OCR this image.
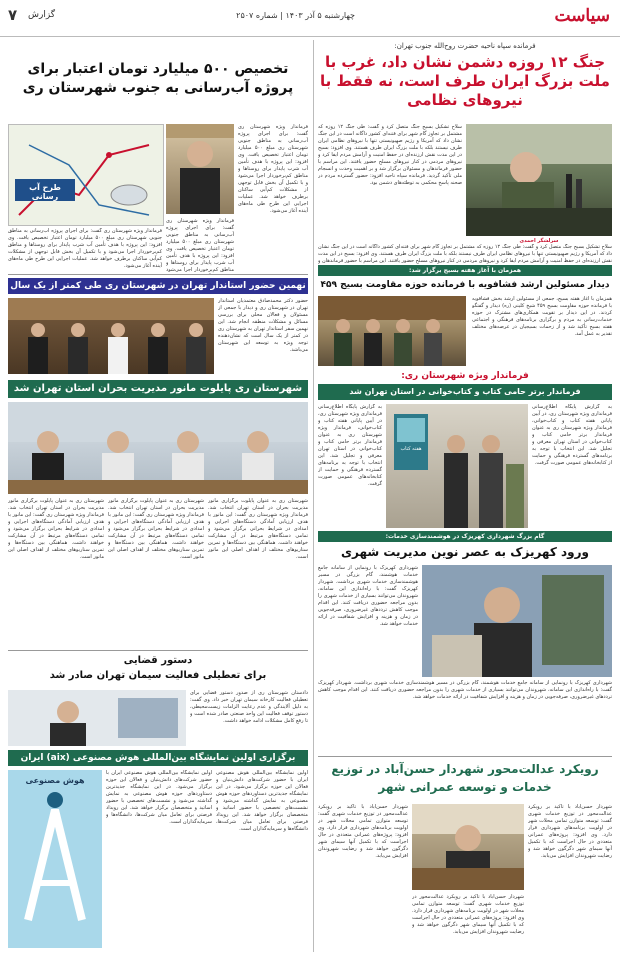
سیاست
چهارشنبه ۵ آذر ۱۴۰۳ | شماره ۲۵۰۷
گزارش
۷

فرمانده سپاه ناحیه حضرت روح‌الله جنوب تهران:

جنگ ۱۲ روزه دشمن نشان داد، غرب با ملت بزرگ ایران طرف است، نه فقط با نیروهای نظامی

سرلشگر احمدی

سلاح تشکیل بسیج جنگ متصل کرد و گفت: طی جنگ ۱۲ روزه که مشتمل بر تجاوز گام شهر برای فتنه‌ای کشور داگانه است در این جنگ نشان داد که آمریکا و رژیم صهیونیستی تنها با نیروهای نظامی ایران طرف نیستند بلکه با ملت بزرگ ایران طرف هستند. وی افزود: بسیج در این مدت نقش ارزنده‌ای در حفظ امنیت و آرامش مردم ایفا کرد و نیروهای مردمی در کنار نیروهای مسلح حضور یافتند. این مراسم با حضور فرماندهان و مسئولان برگزار شد و بر اهمیت وحدت و انسجام ملی تأکید گردید. فرمانده سپاه ناحیه افزود: حضور گسترده مردم در صحنه پاسخ محکمی به توطئه‌های دشمن بود.

سلاح تشکیل بسیج جنگ متصل کرد و گفت: طی جنگ ۱۲ روزه که مشتمل بر تجاوز گام شهر برای فتنه‌ای کشور داگانه است در این جنگ نشان داد که آمریکا و رژیم صهیونیستی تنها با نیروهای نظامی ایران طرف نیستند بلکه با ملت بزرگ ایران طرف هستند. وی افزود: بسیج در این مدت نقش ارزنده‌ای در حفظ امنیت و آرامش مردم ایفا کرد و نیروهای مردمی در کنار نیروهای مسلح حضور یافتند. این مراسم با حضور فرماندهان و

همزمان با آغاز هفته بسیج برگزار شد:

دیدار مسئولین ارشد فشافویه با فرمانده حوزه مقاومت بسیج ۴۵۹

همزمان با آغاز هفته بسیج، جمعی از مسئولین ارشد بخش فشافویه با فرمانده حوزه مقاومت بسیج ۴۵۹ شیخ کلینی (ره) دیدار و گفتگو کردند. در این دیدار بر تقویت همکاری‌های مشترک در حوزه خدمات‌رسانی به مردم و برگزاری برنامه‌های فرهنگی و اجتماعی هفته بسیج تأکید شد و از زحمات بسیجیان در عرصه‌های مختلف تقدیر به عمل آمد.

فرماندار ویژه شهرستان ری:

فرماندار برتر حامی کتاب و کتاب‌خوانی در استان تهران شد

به گزارش پایگاه اطلاع‌رسانی فرمانداری ویژه شهرستان ری، در آیین پایانی هفته کتاب و کتاب‌خوانی، فرماندار ویژه شهرستان ری به عنوان فرماندار برتر حامی کتاب و کتاب‌خوانی در استان تهران معرفی و تجلیل شد. این انتخاب با توجه به برنامه‌های گسترده فرهنگی و حمایت از کتابخانه‌های عمومی صورت گرفت.

هفته کتاب

به گزارش پایگاه اطلاع‌رسانی فرمانداری ویژه شهرستان ری، در آیین پایانی هفته کتاب و کتاب‌خوانی، فرماندار ویژه شهرستان ری به عنوان فرماندار برتر حامی کتاب و کتاب‌خوانی در استان تهران معرفی و تجلیل شد. این انتخاب با توجه به برنامه‌های گسترده فرهنگی و حمایت از کتابخانه‌های عمومی صورت گرفت.

گام بزرگ شهرداری کهریزک در هوشمندسازی خدمات:

ورود کهریزک به عصر نوین مدیریت شهری

شهرداری کهریزک با رونمایی از سامانه جامع خدمات هوشمند، گام بزرگی در مسیر هوشمندسازی خدمات شهری برداشت. شهردار کهریزک گفت: با راه‌اندازی این سامانه، شهروندان می‌توانند بسیاری از خدمات شهری را بدون مراجعه حضوری دریافت کنند. این اقدام موجب کاهش ترددهای غیرضروری، صرفه‌جویی در زمان و هزینه و افزایش شفافیت در ارائه خدمات خواهد شد.

شهرداری کهریزک با رونمایی از سامانه جامع خدمات هوشمند، گام بزرگی در مسیر هوشمندسازی خدمات شهری برداشت. شهردار کهریزک گفت: با راه‌اندازی این سامانه، شهروندان می‌توانند بسیاری از خدمات شهری را بدون مراجعه حضوری دریافت کنند. این اقدام موجب کاهش ترددهای غیرضروری، صرفه‌جویی در زمان و هزینه و افزایش شفافیت در ارائه خدمات خواهد شد.

رویکرد عدالت‌محور شهردار حسن‌آباد در توزیع خدمات و توسعه عمرانی شهر

شهردار حسن‌آباد با تأکید بر رویکرد عدالت‌محور در توزیع خدمات شهری گفت: توسعه متوازن تمامی محلات شهر در اولویت برنامه‌های شهرداری قرار دارد. وی افزود: پروژه‌های عمرانی متعددی در حال اجراست که با تکمیل آنها سیمای شهر دگرگون خواهد شد و رضایت شهروندان افزایش می‌یابد.

شهردار حسن‌آباد با تأکید بر رویکرد عدالت‌محور در توزیع خدمات شهری گفت: توسعه متوازن تمامی محلات شهر در اولویت برنامه‌های شهرداری قرار دارد. وی افزود: پروژه‌های عمرانی متعددی در حال اجراست که با تکمیل آنها سیمای شهر دگرگون خواهد شد و رضایت شهروندان افزایش می‌یابد.

شهردار حسن‌آباد با تأکید بر رویکرد عدالت‌محور در توزیع خدمات شهری گفت: توسعه متوازن تمامی محلات شهر در اولویت برنامه‌های شهرداری قرار دارد. وی افزود: پروژه‌های عمرانی متعددی در حال اجراست که با تکمیل آنها سیمای شهر دگرگون خواهد شد و رضایت شهروندان افزایش می‌یابد.

تخصیص ۵۰۰ میلیارد تومان اعتبار برای پروژه آب‌رسانی به جنوب شهرستان ری

طرح آب رسانی

فرماندار ویژه شهرستان ری گفت: برای اجرای پروژه آب‌رسانی به مناطق جنوبی شهرستان ری مبلغ ۵۰۰ میلیارد تومان اعتبار تخصیص یافت. وی افزود: این پروژه با هدف تأمین آب شرب پایدار برای روستاها و مناطق کم‌برخوردار اجرا می‌شود و با تکمیل آن بخش قابل توجهی از مشکلات کم‌آبی ساکنان برطرف خواهد شد. عملیات اجرایی این طرح طی ماه‌های آینده آغاز می‌شود.

فرماندار ویژه شهرستان ری گفت: برای اجرای پروژه آب‌رسانی به مناطق جنوبی شهرستان ری مبلغ ۵۰۰ میلیارد تومان اعتبار تخصیص یافت. وی افزود: این پروژه با هدف تأمین آب شرب پایدار برای روستاها و مناطق کم‌برخوردار اجرا می‌شود

فرماندار ویژه شهرستان ری گفت: برای اجرای پروژه آب‌رسانی به مناطق جنوبی شهرستان ری مبلغ ۵۰۰ میلیارد تومان اعتبار تخصیص یافت. وی افزود: این پروژه با هدف تأمین آب شرب پایدار برای روستاها و مناطق کم‌برخوردار اجرا می‌شود و با تکمیل آن بخش قابل توجهی از مشکلات کم‌آبی ساکنان برطرف خواهد شد. عملیات اجرایی این طرح طی ماه‌های آینده آغاز می‌شود.

نهمین حضور استاندار تهران در شهرستان ری طی کمتر از یک سال

حضور دکتر محمدصادق معتمدیان استاندار تهران در شهرستان ری و دیدار با جمعی از مسئولان و فعالان محلی برای بررسی مسائل و مشکلات منطقه انجام شد. این نهمین سفر استاندار تهران به شهرستان ری در کمتر از یک سال است که نشان‌دهنده توجه ویژه به توسعه این شهرستان می‌باشد.

شهرستان ری پایلوت مانور مدیریت بحران استان تهران شد

شهرستان ری به عنوان پایلوت برگزاری مانور مدیریت بحران در استان تهران انتخاب شد. فرماندار ویژه شهرستان ری گفت: این مانور با هدف ارزیابی آمادگی دستگاه‌های اجرایی و امدادی در شرایط بحرانی برگزار می‌شود و تمامی دستگاه‌های مرتبط در آن مشارکت خواهند داشت. هماهنگی بین دستگاه‌ها و تمرین سناریوهای مختلف از اهداف اصلی این مانور است.

شهرستان ری به عنوان پایلوت برگزاری مانور مدیریت بحران در استان تهران انتخاب شد. فرماندار ویژه شهرستان ری گفت: این مانور با هدف ارزیابی آمادگی دستگاه‌های اجرایی و امدادی در شرایط بحرانی برگزار می‌شود و تمامی دستگاه‌های مرتبط در آن مشارکت خواهند داشت. هماهنگی بین دستگاه‌ها و تمرین سناریوهای مختلف از اهداف اصلی این مانور است.

شهرستان ری به عنوان پایلوت برگزاری مانور مدیریت بحران در استان تهران انتخاب شد. فرماندار ویژه شهرستان ری گفت: این مانور با هدف ارزیابی آمادگی دستگاه‌های اجرایی و امدادی در شرایط بحرانی برگزار می‌شود و تمامی دستگاه‌های مرتبط در آن مشارکت خواهند داشت. هماهنگی بین دستگاه‌ها و تمرین سناریوهای مختلف از اهداف اصلی این مانور است.

دستور قضایی

برای تعطیلی فعالیت سیمان تهران صادر شد

دادستان شهرستان ری از صدور دستور قضایی برای تعطیلی فعالیت کارخانه سیمان تهران خبر داد. وی گفت: به دلیل آلایندگی و عدم رعایت الزامات زیست‌محیطی، دستور توقف فعالیت این واحد صنعتی صادر شده است و تا رفع کامل مشکلات ادامه خواهد داشت.

برگزاری اولین نمایشگاه بین‌المللی هوش مصنوعی (aix) ایران
هوش مصنوعی

اولین نمایشگاه بین‌المللی هوش مصنوعی ایران با حضور شرکت‌های دانش‌بنیان و فعالان این حوزه برگزار می‌شود. در این نمایشگاه جدیدترین دستاوردهای حوزه هوش مصنوعی به نمایش گذاشته می‌شود و نشست‌های تخصصی با حضور اساتید و متخصصان برگزار خواهد شد. این رویداد فرصتی برای تعامل میان شرکت‌ها، دانشگاه‌ها و سرمایه‌گذاران است.

اولین نمایشگاه بین‌المللی هوش مصنوعی ایران با حضور شرکت‌های دانش‌بنیان و فعالان این حوزه برگزار می‌شود. در این نمایشگاه جدیدترین دستاوردهای حوزه هوش مصنوعی به نمایش گذاشته می‌شود و نشست‌های تخصصی با حضور اساتید و متخصصان برگزار خواهد شد. این رویداد فرصتی برای تعامل میان شرکت‌ها، دانشگاه‌ها و سرمایه‌گذاران است.
